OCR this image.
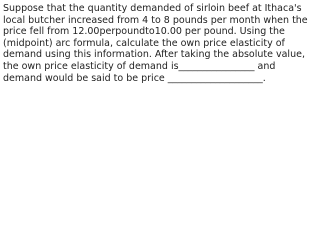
Suppose that the quantity demanded of sirloin beef at Ithaca's
local butcher increased from 4 to 8 pounds per month when the
price fell from 12.00perpoundto10.00 per pound. Using the
(midpoint) arc formula, calculate the own price elasticity of
demand using this information. After taking the absolute value,
the own price elasticity of demand is________________ and
demand would be said to be price ____________________.
